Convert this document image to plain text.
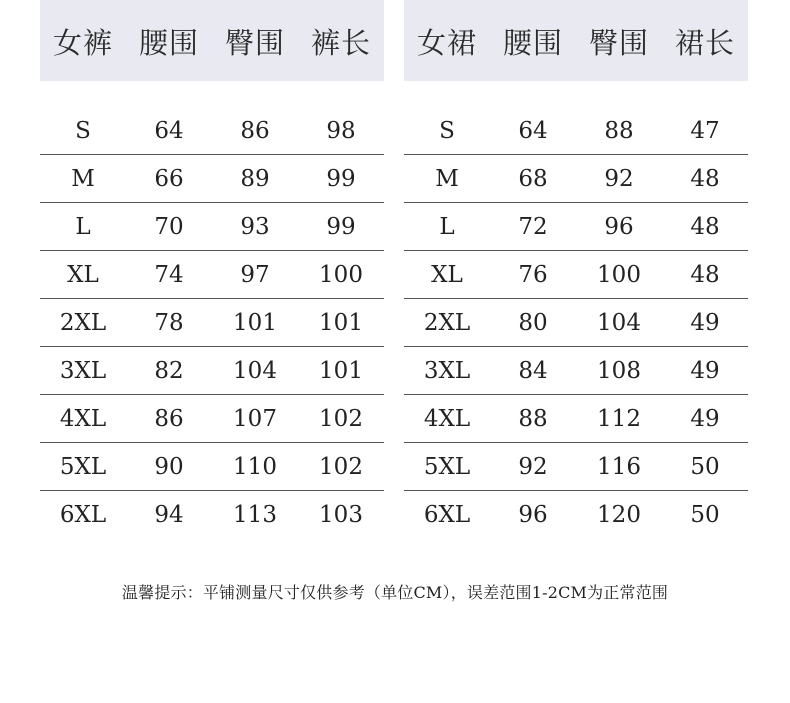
女裤 腰围 臀围 裤长
S	64	86	98
M	66	89	99
L	70	93	99
XL	74	97	100
2XL	78	101	101
3XL	82	104	101
4XL	86	107	102
5XL	90	110	102
6XL	94	113	103
女裙 腰围 臀围 裙长
S	64	88	47
M	68	92	48
L	72	96	48
XL	76	100	48
2XL	80	104	49
3XL	84	108	49
4XL	88	112	49
5XL	92	116	50
6XL	96	120	50
温馨提示：平铺测量尺寸仅供参考（单位CM），误差范围1-2CM为正常范围
